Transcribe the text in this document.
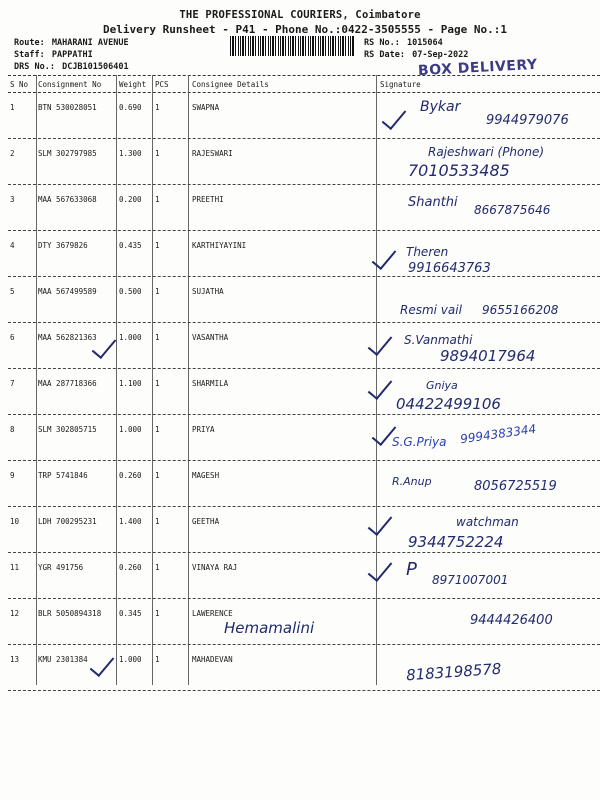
THE PROFESSIONAL COURIERS, Coimbatore
Delivery Runsheet - P41 - Phone No.:0422-3505555 - Page No.:1
Route: MAHARANI AVENUE
Staff: PAPPATHI
DRS No.: DCJB101506401
RS No.: 1015064
RS Date: 07-Sep-2022
BOX DELIVERY
S No Consignment No Weight PCS	Consignee Details	Signature
1	BTN 530028051	0.690 1	SWAPNA	Bykar
9944979076
2	SLM 302797985	1.300 1	RAJESWARI	Rajeshwari (Phone)
7010533485
3	MAA 567633068	0.200 1	PREETHI	Shanthi 8667875646
4	DTY 3679826	0.435 1	KARTHIYAYINI	Theren
9916643763
5	MAA 567499589	0.500 1	SUJATHA
Resmi vail 9655166208
6	MAA 562821363	1.000 1	VASANTHA	S.Vanmathi
9894017964
7	MAA 287718366	1.100 1	SHARMILA	Gniya
04422499106
8	SLM 302805715	1.000 1	PRIYA
S.G.Priya 9994383344
9	TRP 5741846	0.260 1	MAGESH	R.Anup	8056725519
10	LDH 700295231	1.400 1	GEETHA	watchman
9344752224
11	YGR 491756	0.260 1	VINAYA RAJ	P 8971007001
12	BLR 5050894318 0.345 1	LAWERENCE
Hemamalini	9444426400
13	KMU 2301384	1.000 1	MAHADEVAN
8183198578
